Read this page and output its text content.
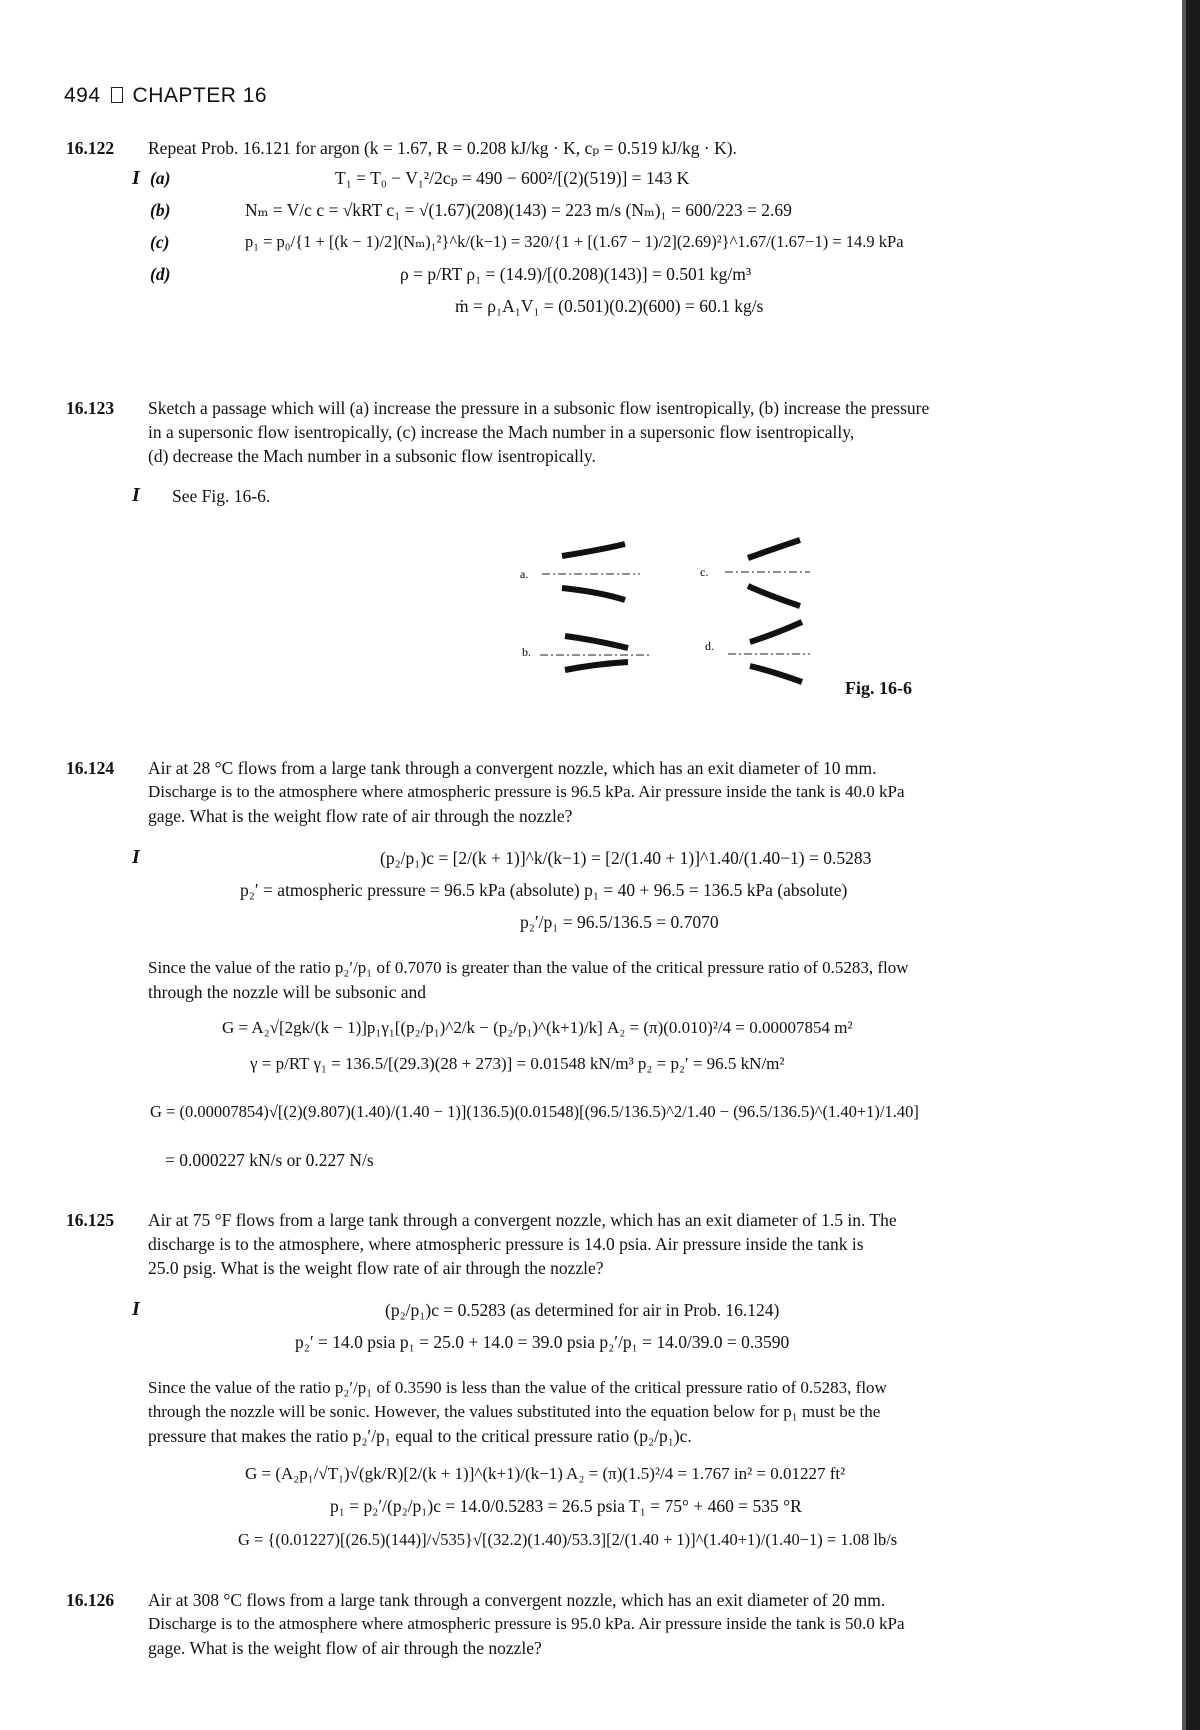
494 CHAPTER 16
16.122 Repeat Prob. 16.121 for argon (k = 1.67, R = 0.208 kJ/kg · K, cₚ = 0.519 kJ/kg · K).
I (a)	T₁ = T₀ − V₁²/2cₚ = 490 − 600²/[(2)(519)] = 143 K
(b)	Nₘ = V/c c = √kRT c₁ = √(1.67)(208)(143) = 223 m/s (Nₘ)₁ = 600/223 = 2.69
(c)	p₁ = p₀/{1 + [(k − 1)/2](Nₘ)₁²}^k/(k−1) = 320/{1 + [(1.67 − 1)/2](2.69)²}^1.67/(1.67−1) = 14.9 kPa
(d)	ρ = p/RT ρ₁ = (14.9)/[(0.208)(143)] = 0.501 kg/m³
ṁ = ρ₁A₁V₁ = (0.501)(0.2)(600) = 60.1 kg/s
16.123 Sketch a passage which will (a) increase the pressure in a subsonic flow isentropically, (b) increase the pressure
in a supersonic flow isentropically, (c) increase the Mach number in a supersonic flow isentropically,
(d) decrease the Mach number in a subsonic flow isentropically.
I See Fig. 16-6.
a.	c.
b.	d.
Fig. 16-6
16.124 Air at 28 °C flows from a large tank through a convergent nozzle, which has an exit diameter of 10 mm.
Discharge is to the atmosphere where atmospheric pressure is 96.5 kPa. Air pressure inside the tank is 40.0 kPa
gage. What is the weight flow rate of air through the nozzle?
I	(p₂/p₁)c = [2/(k + 1)]^k/(k−1) = [2/(1.40 + 1)]^1.40/(1.40−1) = 0.5283
p₂′ = atmospheric pressure = 96.5 kPa (absolute) p₁ = 40 + 96.5 = 136.5 kPa (absolute)
p₂′/p₁ = 96.5/136.5 = 0.7070
Since the value of the ratio p₂′/p₁ of 0.7070 is greater than the value of the critical pressure ratio of 0.5283, flow
through the nozzle will be subsonic and
G = A₂√[2gk/(k − 1)]p₁γ₁[(p₂/p₁)^2/k − (p₂/p₁)^(k+1)/k] A₂ = (π)(0.010)²/4 = 0.00007854 m²
γ = p/RT γ₁ = 136.5/[(29.3)(28 + 273)] = 0.01548 kN/m³ p₂ = p₂′ = 96.5 kN/m²
G = (0.00007854)√[(2)(9.807)(1.40)/(1.40 − 1)](136.5)(0.01548)[(96.5/136.5)^2/1.40 − (96.5/136.5)^(1.40+1)/1.40]
= 0.000227 kN/s or 0.227 N/s
16.125 Air at 75 °F flows from a large tank through a convergent nozzle, which has an exit diameter of 1.5 in. The
discharge is to the atmosphere, where atmospheric pressure is 14.0 psia. Air pressure inside the tank is
25.0 psig. What is the weight flow rate of air through the nozzle?
I	(p₂/p₁)c = 0.5283 (as determined for air in Prob. 16.124)
p₂′ = 14.0 psia p₁ = 25.0 + 14.0 = 39.0 psia p₂′/p₁ = 14.0/39.0 = 0.3590
Since the value of the ratio p₂′/p₁ of 0.3590 is less than the value of the critical pressure ratio of 0.5283, flow
through the nozzle will be sonic. However, the values substituted into the equation below for p₁ must be the
pressure that makes the ratio p₂′/p₁ equal to the critical pressure ratio (p₂/p₁)c.
G = (A₂p₁/√T₁)√(gk/R)[2/(k + 1)]^(k+1)/(k−1) A₂ = (π)(1.5)²/4 = 1.767 in² = 0.01227 ft²
p₁ = p₂′/(p₂/p₁)c = 14.0/0.5283 = 26.5 psia T₁ = 75° + 460 = 535 °R
G = {(0.01227)[(26.5)(144)]/√535}√[(32.2)(1.40)/53.3][2/(1.40 + 1)]^(1.40+1)/(1.40−1) = 1.08 lb/s
16.126 Air at 308 °C flows from a large tank through a convergent nozzle, which has an exit diameter of 20 mm.
Discharge is to the atmosphere where atmospheric pressure is 95.0 kPa. Air pressure inside the tank is 50.0 kPa
gage. What is the weight flow of air through the nozzle?
